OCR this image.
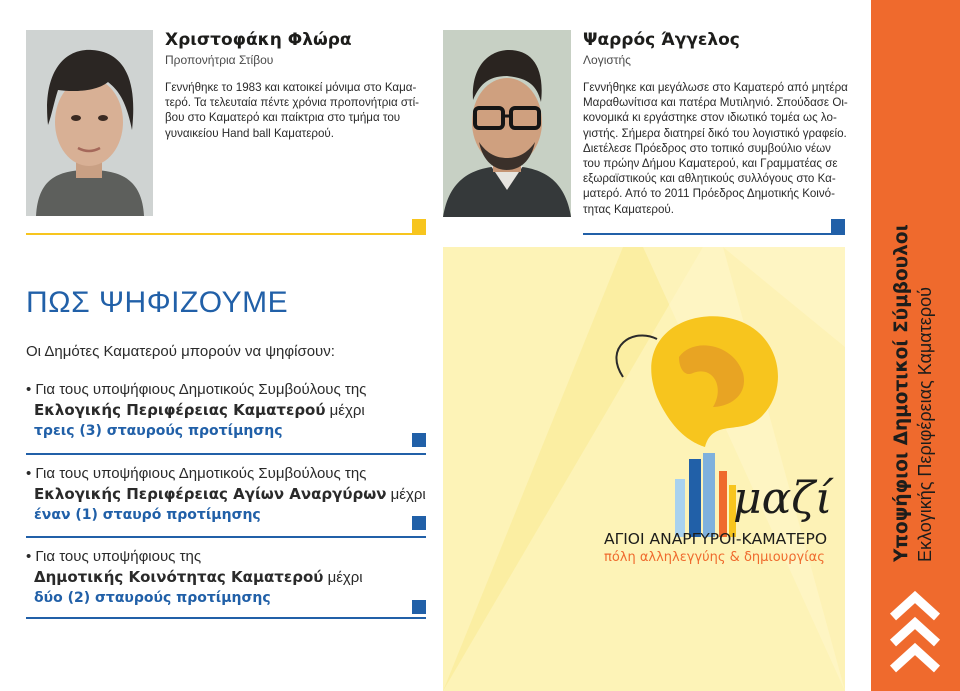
Χριστοφάκη Φλώρα
Προπονήτρια Στίβου
Γεννήθηκε το 1983 και κατοικεί μόνιμα στο Καμα-
τερό. Τα τελευταία πέντε χρόνια προπονήτρια στί-
βου στο Καματερό και παίκτρια στο τμήμα του
γυναικείου Hand ball Καματερού.
Ψαρρός Άγγελος
Λογιστής
Γεννήθηκε και μεγάλωσε στο Καματερό από μητέρα
Μαραθωνίτισα και πατέρα Μυτιληνιό. Σπούδασε Οι-
κονομικά κι εργάστηκε στον ιδιωτικό τομέα ως λο-
γιστής. Σήμερα διατηρεί δικό του λογιστικό γραφείο.
Διετέλεσε Πρόεδρος στο τοπικό συμβούλιο νέων
του πρώην Δήμου Καματερού, και Γραμματέας σε
εξωραϊστικούς και αθλητικούς συλλόγους στο Κα-
ματερό. Από το 2011 Πρόεδρος Δημοτικής Κοινό-
τητας Καματερού.
ΠΩΣ ΨΗΦΙΖΟΥΜΕ
Οι Δημότες Καματερού μπορούν να ψηφίσουν:
• Για τους υποψήφιους Δημοτικούς Συμβούλους της
Εκλογικής Περιφέρειας Καματερού μέχρι
τρεις (3) σταυρούς προτίμησης
• Για τους υποψήφιους Δημοτικούς Συμβούλους της
Εκλογικής Περιφέρειας Αγίων Αναργύρων μέχρι
έναν (1) σταυρό προτίμησης
• Για τους υποψήφιους της
Δημοτικής Κοινότητας Καματερού μέχρι
δύο (2) σταυρούς προτίμησης
μαζί
ΑΓΙΟΙ ΑΝΑΡΓΥΡΟΙ-ΚΑΜΑΤΕΡΟ
πόλη αλληλεγγύης & δημιουργίας	Υποψήφιοι Δημοτικοί Σύμβουλοι Εκλογικής Περιφέρειας Καματερού
